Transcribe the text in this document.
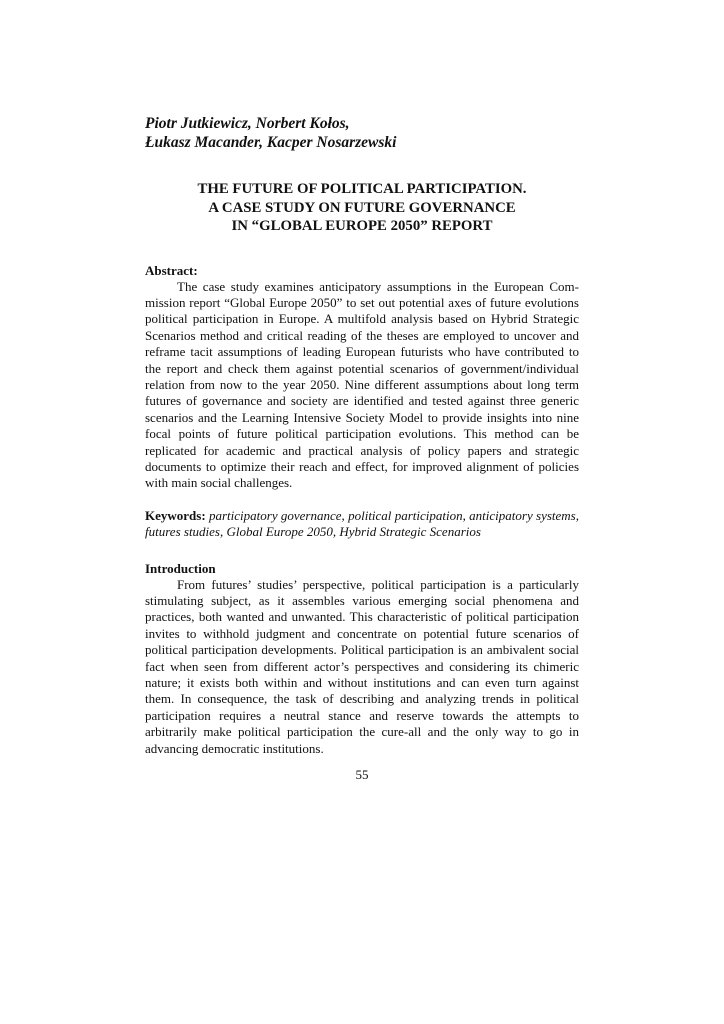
Piotr Jutkiewicz, Norbert Kołos,
Łukasz Macander, Kacper Nosarzewski
THE FUTURE OF POLITICAL PARTICIPATION.
A CASE STUDY ON FUTURE GOVERNANCE
IN “GLOBAL EUROPE 2050” REPORT
Abstract:

The case study examines anticipatory assumptions in the European Commission report “Global Europe 2050” to set out potential axes of future evolutions political participation in Europe. A multifold analysis based on Hybrid Strategic Scenarios method and critical reading of the theses are employed to uncover and reframe tacit assumptions of leading European futurists who have contributed to the report and check them against potential scenarios of government/individual relation from now to the year 2050. Nine different assumptions about long term futures of governance and society are identified and tested against three generic scenarios and the Learning Intensive Society Model to provide insights into nine focal points of future political participation evolutions. This method can be replicated for academic and practical analysis of policy papers and strategic documents to optimize their reach and effect, for improved alignment of policies with main social challenges.

Keywords: participatory governance, political participation, anticipatory systems, futures studies, Global Europe 2050, Hybrid Strategic Scenarios
Introduction

From futures’ studies’ perspective, political participation is a particularly stimulating subject, as it assembles various emerging social phenomena and practices, both wanted and unwanted. This characteristic of political participation invites to withhold judgment and concentrate on potential future scenarios of political participation developments. Political participation is an ambivalent social fact when seen from different actor’s perspectives and considering its chimeric nature; it exists both within and without institutions and can even turn against them. In consequence, the task of describing and analyzing trends in political participation requires a neutral stance and reserve towards the attempts to arbitrarily make political participation the cure-all and the only way to go in advancing democratic institutions.

55
